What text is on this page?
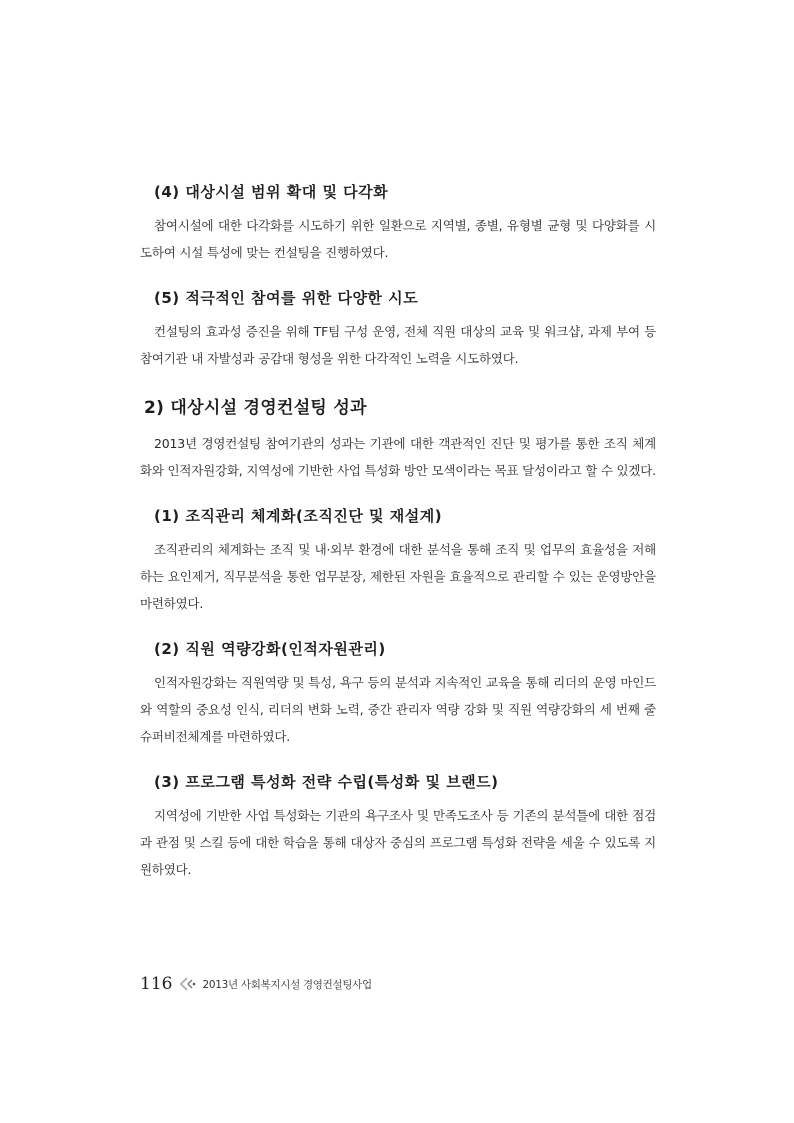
(4) 대상시설 범위 확대 및 다각화

참여시설에 대한 다각화를 시도하기 위한 일환으로 지역별, 종별, 유형별 균형 및 다양화를 시도하여 시설 특성에 맞는 컨설팅을 진행하였다.

(5) 적극적인 참여를 위한 다양한 시도

컨설팅의 효과성 증진을 위해 TF팀 구성 운영, 전체 직원 대상의 교육 및 워크샵, 과제 부여 등 참여기관 내 자발성과 공감대 형성을 위한 다각적인 노력을 시도하였다.

2) 대상시설 경영컨설팅 성과

2013년 경영컨설팅 참여기관의 성과는 기관에 대한 객관적인 진단 및 평가를 통한 조직 체계화와 인적자원강화, 지역성에 기반한 사업 특성화 방안 모색이라는 목표 달성이라고 할 수 있겠다.

(1) 조직관리 체계화(조직진단 및 재설계)

조직관리의 체계화는 조직 및 내·외부 환경에 대한 분석을 통해 조직 및 업무의 효율성을 저해하는 요인제거, 직무분석을 통한 업무분장, 제한된 자원을 효율적으로 관리할 수 있는 운영방안을 마련하였다.

(2) 직원 역량강화(인적자원관리)

인적자원강화는 직원역량 및 특성, 욕구 등의 분석과 지속적인 교육을 통해 리더의 운영 마인드와 역할의 중요성 인식, 리더의 변화 노력, 중간 관리자 역량 강화 및 직원 역량강화의 세 번째 줄 슈퍼비전체계를 마련하였다.

(3) 프로그램 특성화 전략 수립(특성화 및 브랜드)

지역성에 기반한 사업 특성화는 기관의 욕구조사 및 만족도조사 등 기존의 분석틀에 대한 점검과 관점 및 스킬 등에 대한 학습을 통해 대상자 중심의 프로그램 특성화 전략을 세울 수 있도록 지원하였다.

116	2013년 사회복지시설 경영컨설팅사업
